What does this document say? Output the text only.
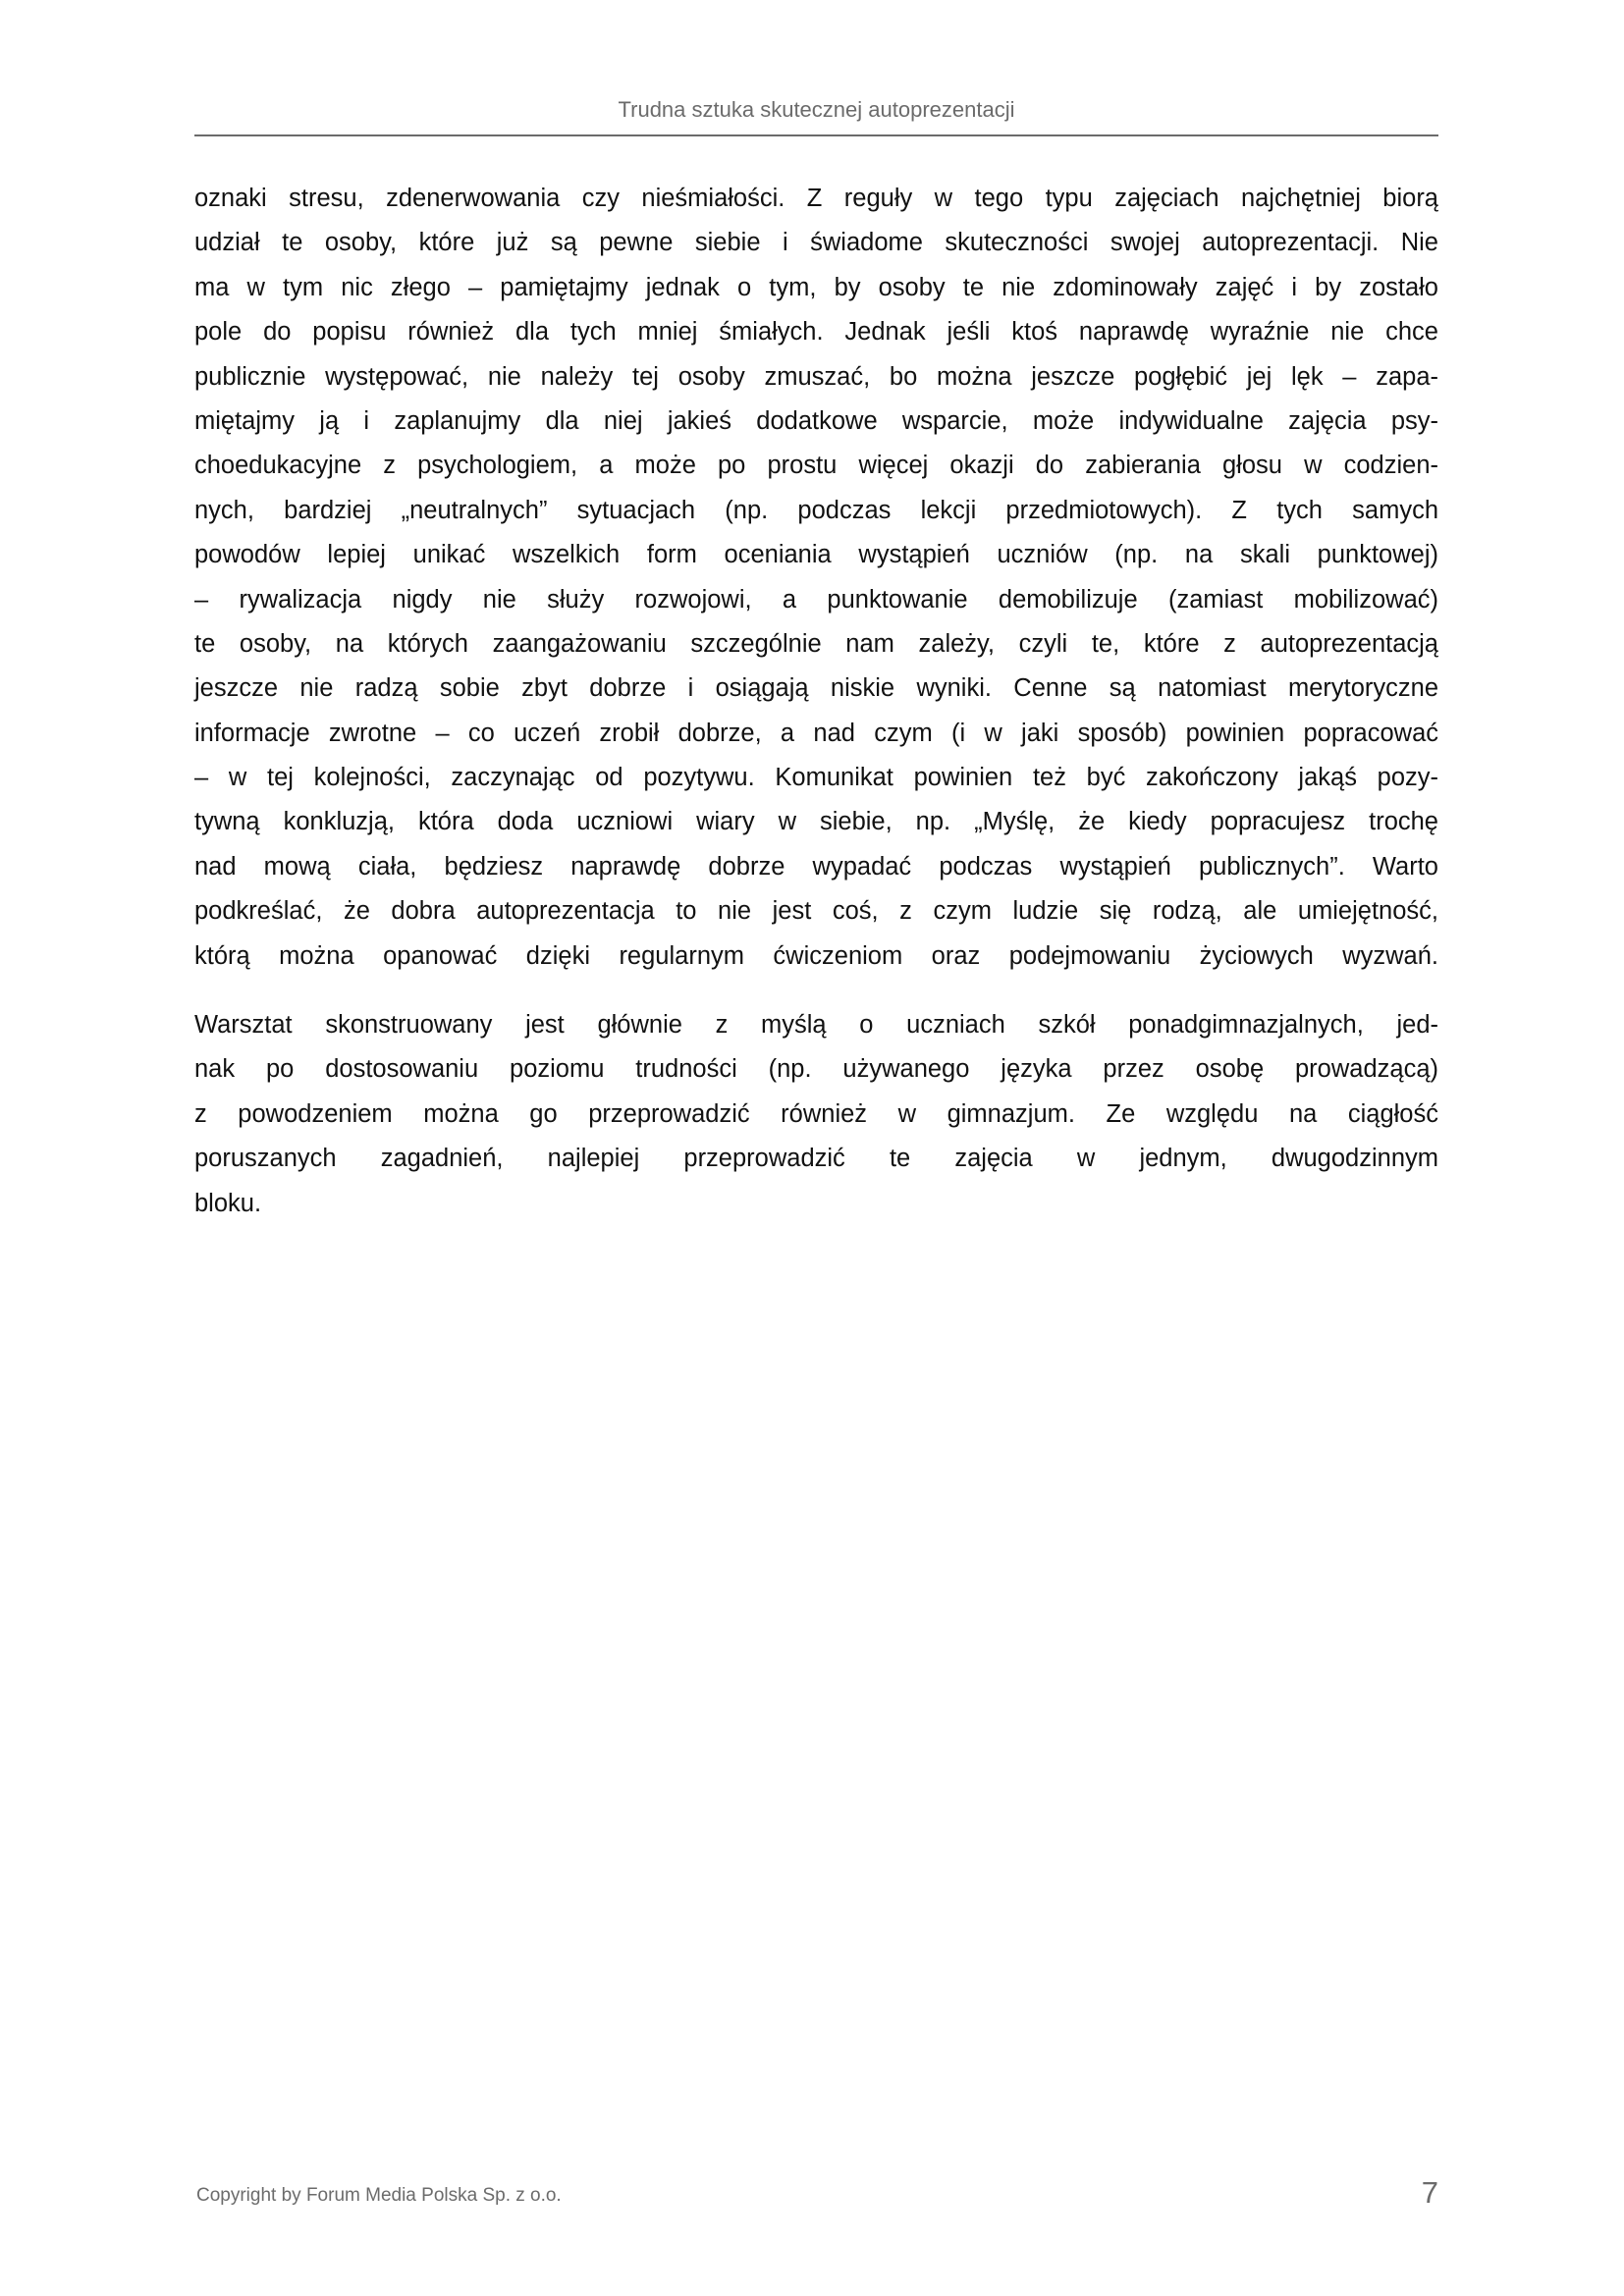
Trudna sztuka skutecznej autoprezentacji
oznaki stresu, zdenerwowania czy nieśmiałości. Z reguły w tego typu zajęciach najchętniej biorą
udział te osoby, które już są pewne siebie i świadome skuteczności swojej autoprezentacji. Nie
ma w tym nic złego – pamiętajmy jednak o tym, by osoby te nie zdominowały zajęć i by zostało
pole do popisu również dla tych mniej śmiałych. Jednak jeśli ktoś naprawdę wyraźnie nie chce
publicznie występować, nie należy tej osoby zmuszać, bo można jeszcze pogłębić jej lęk – zapa-
miętajmy ją i zaplanujmy dla niej jakieś dodatkowe wsparcie, może indywidualne zajęcia psy-
choedukacyjne z psychologiem, a może po prostu więcej okazji do zabierania głosu w codzien-
nych, bardziej „neutralnych” sytuacjach (np. podczas lekcji przedmiotowych). Z tych samych
powodów lepiej unikać wszelkich form oceniania wystąpień uczniów (np. na skali punktowej)
– rywalizacja nigdy nie służy rozwojowi, a punktowanie demobilizuje (zamiast mobilizować)
te osoby, na których zaangażowaniu szczególnie nam zależy, czyli te, które z autoprezentacją
jeszcze nie radzą sobie zbyt dobrze i osiągają niskie wyniki. Cenne są natomiast merytoryczne
informacje zwrotne – co uczeń zrobił dobrze, a nad czym (i w jaki sposób) powinien popracować
– w tej kolejności, zaczynając od pozytywu. Komunikat powinien też być zakończony jakąś pozy-
tywną konkluzją, która doda uczniowi wiary w siebie, np. „Myślę, że kiedy popracujesz trochę
nad mową ciała, będziesz naprawdę dobrze wypadać podczas wystąpień publicznych”. Warto
podkreślać, że dobra autoprezentacja to nie jest coś, z czym ludzie się rodzą, ale umiejętność,
którą można opanować dzięki regularnym ćwiczeniom oraz podejmowaniu życiowych wyzwań.
Warsztat skonstruowany jest głównie z myślą o uczniach szkół ponadgimnazjalnych, jed-
nak po dostosowaniu poziomu trudności (np. używanego języka przez osobę prowadzącą)
z powodzeniem można go przeprowadzić również w gimnazjum. Ze względu na ciągłość
poruszanych zagadnień, najlepiej przeprowadzić te zajęcia w jednym, dwugodzinnym
bloku.
Copyright by Forum Media Polska Sp. z o.o.	7
